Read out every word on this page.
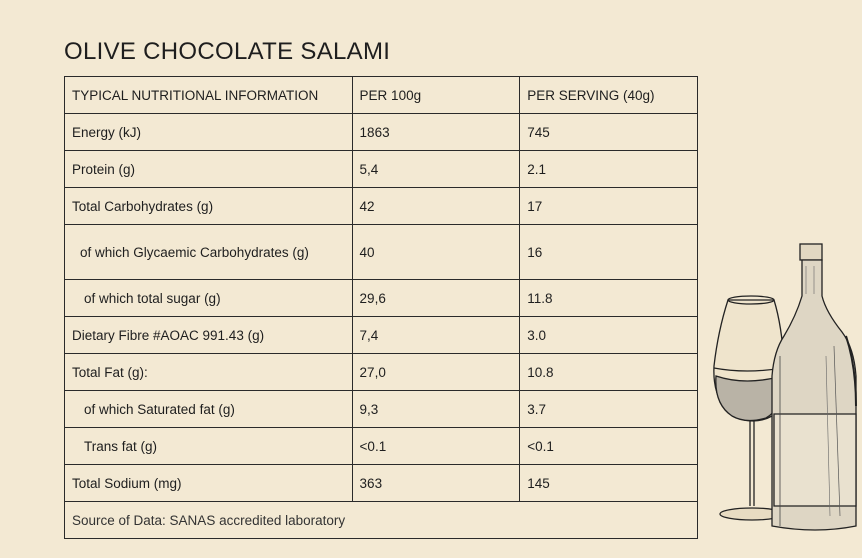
OLIVE CHOCOLATE SALAMI
TYPICAL NUTRITIONAL INFORMATION	PER 100g	PER SERVING (40g)
Energy (kJ)	1863	745
Protein (g)	5,4	2.1
Total Carbohydrates (g)	42	17
of which Glycaemic Carbohydrates (g)	40	16
of which total sugar (g)	29,6	11.8
Dietary Fibre #AOAC 991.43 (g)	7,4	3.0
Total Fat (g):	27,0	10.8
of which Saturated fat (g)	9,3	3.7
Trans fat (g)	<0.1	<0.1
Total Sodium (mg)	363	145
Source of Data: SANAS accredited laboratory		
